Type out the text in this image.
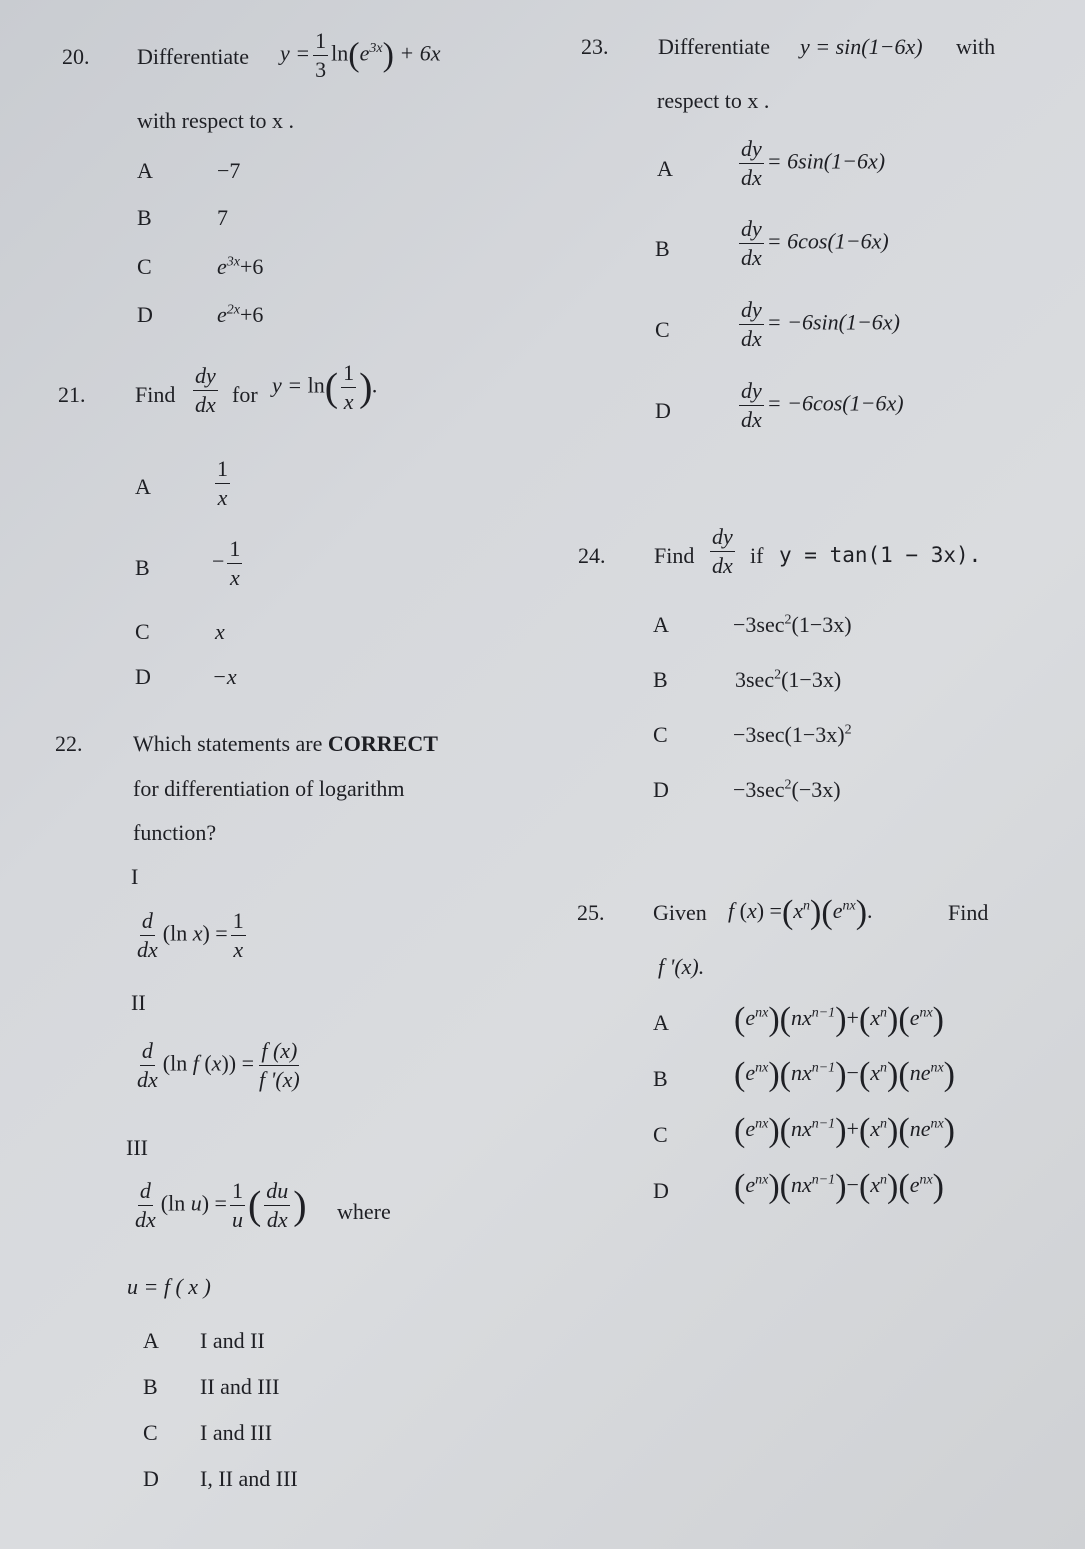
20. Differentiate $y = \frac{1}{3} \ln(e^{3x}) + 6x$
with respect to x .
A	−7
B	7
C	$e^{3x}+6$
D	$e^{2x}+6$
21. Find $\frac{dy}{dx}$ for $y = \ln( \frac{1}{x}$ ).
A	$\frac{1}{x}$
B	− $\frac{1}{x}$
C	x
D	−x
22. Which statements are CORRECT
for differentiation of logarithm
function?
I
$\frac{d}{dx} (\ln$ $x) = \frac{1}{x}$
II
$\frac{d}{dx} (\ln$ f $(x)) = \frac{f (x)}{f '(x)}$
III
$\frac{d}{dx} (\ln$ $u) = \frac{1}{u}$ ( $\frac{du}{dx}$ ) where
u = f ( x )
A I and II
B II and III
C I and III
D I, II and III
23. Differentiate y = sin(1−6x) with
respect to x .
A	$\frac{dy}{dx} = 6\sin(1-6x)$
B	$\frac{dy}{dx} = 6\cos(1-6x)$
C	$\frac{dy}{dx} = -6\sin(1-6x)$
D	$\frac{dy}{dx} = -6\cos(1-6x)$
24. Find $\frac{dy}{dx}$ if y = tan(1 − 3x).
A	$-3\sec^2(1-3x)$
B	$3\sec^2(1-3x)$
C	$-3\sec(1-3x)^2$
D	$-3\sec^2(-3x)$
25. Given f $(x) =(x^n)(e^{nx})$.	Find
f '(x).
A $(e^{nx})(nx^{n-1})+(x^n)(e^{nx})$
B $(e^{nx})(nx^{n-1})-(x^n)(ne^{nx})$
C $(e^{nx})(nx^{n-1})+(x^n)(ne^{nx})$
D $(e^{nx})(nx^{n-1})-(x^n)(e^{nx})$
